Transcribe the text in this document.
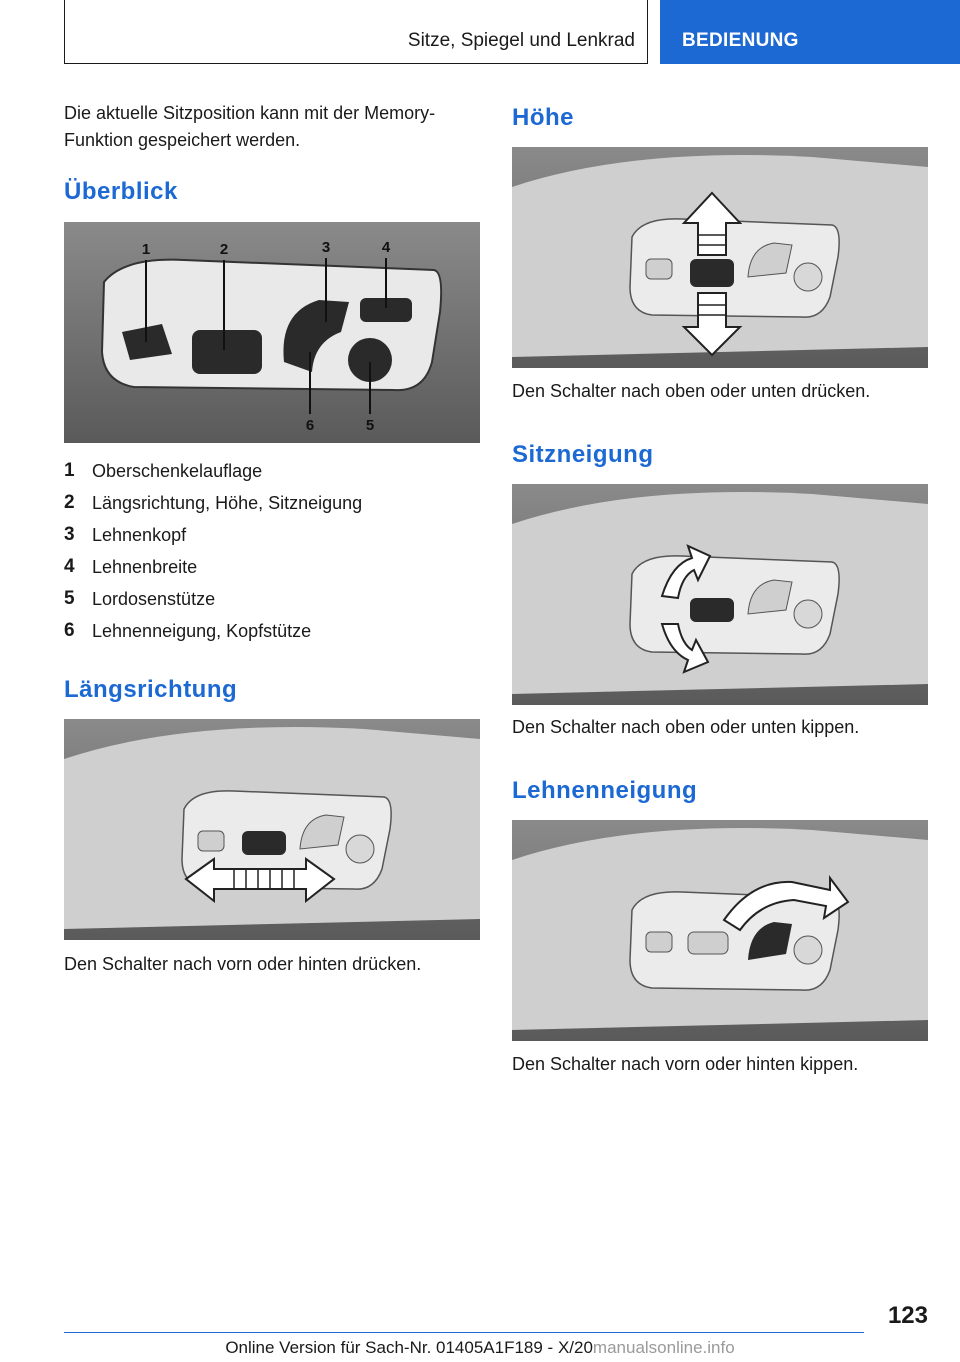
Sitze, Spiegel und Lenkrad BEDIENUNG
Die aktuelle Sitzposition kann mit der Memory-Funktion gespeichert werden.
Überblick
1	2	3	4
5
6
1 Oberschenkelauflage
2 Längsrichtung, Höhe, Sitzneigung
3 Lehnenkopf
4 Lehnenbreite
5 Lordosenstütze
6 Lehnenneigung, Kopfstütze
Längsrichtung
Den Schalter nach vorn oder hinten drücken.
Höhe
Den Schalter nach oben oder unten drücken.
Sitzneigung
Den Schalter nach oben oder unten kippen.
Lehnenneigung
Den Schalter nach vorn oder hinten kippen.
123
Online Version für Sach-Nr. 01405A1F189 - X/20manualsonline.info
